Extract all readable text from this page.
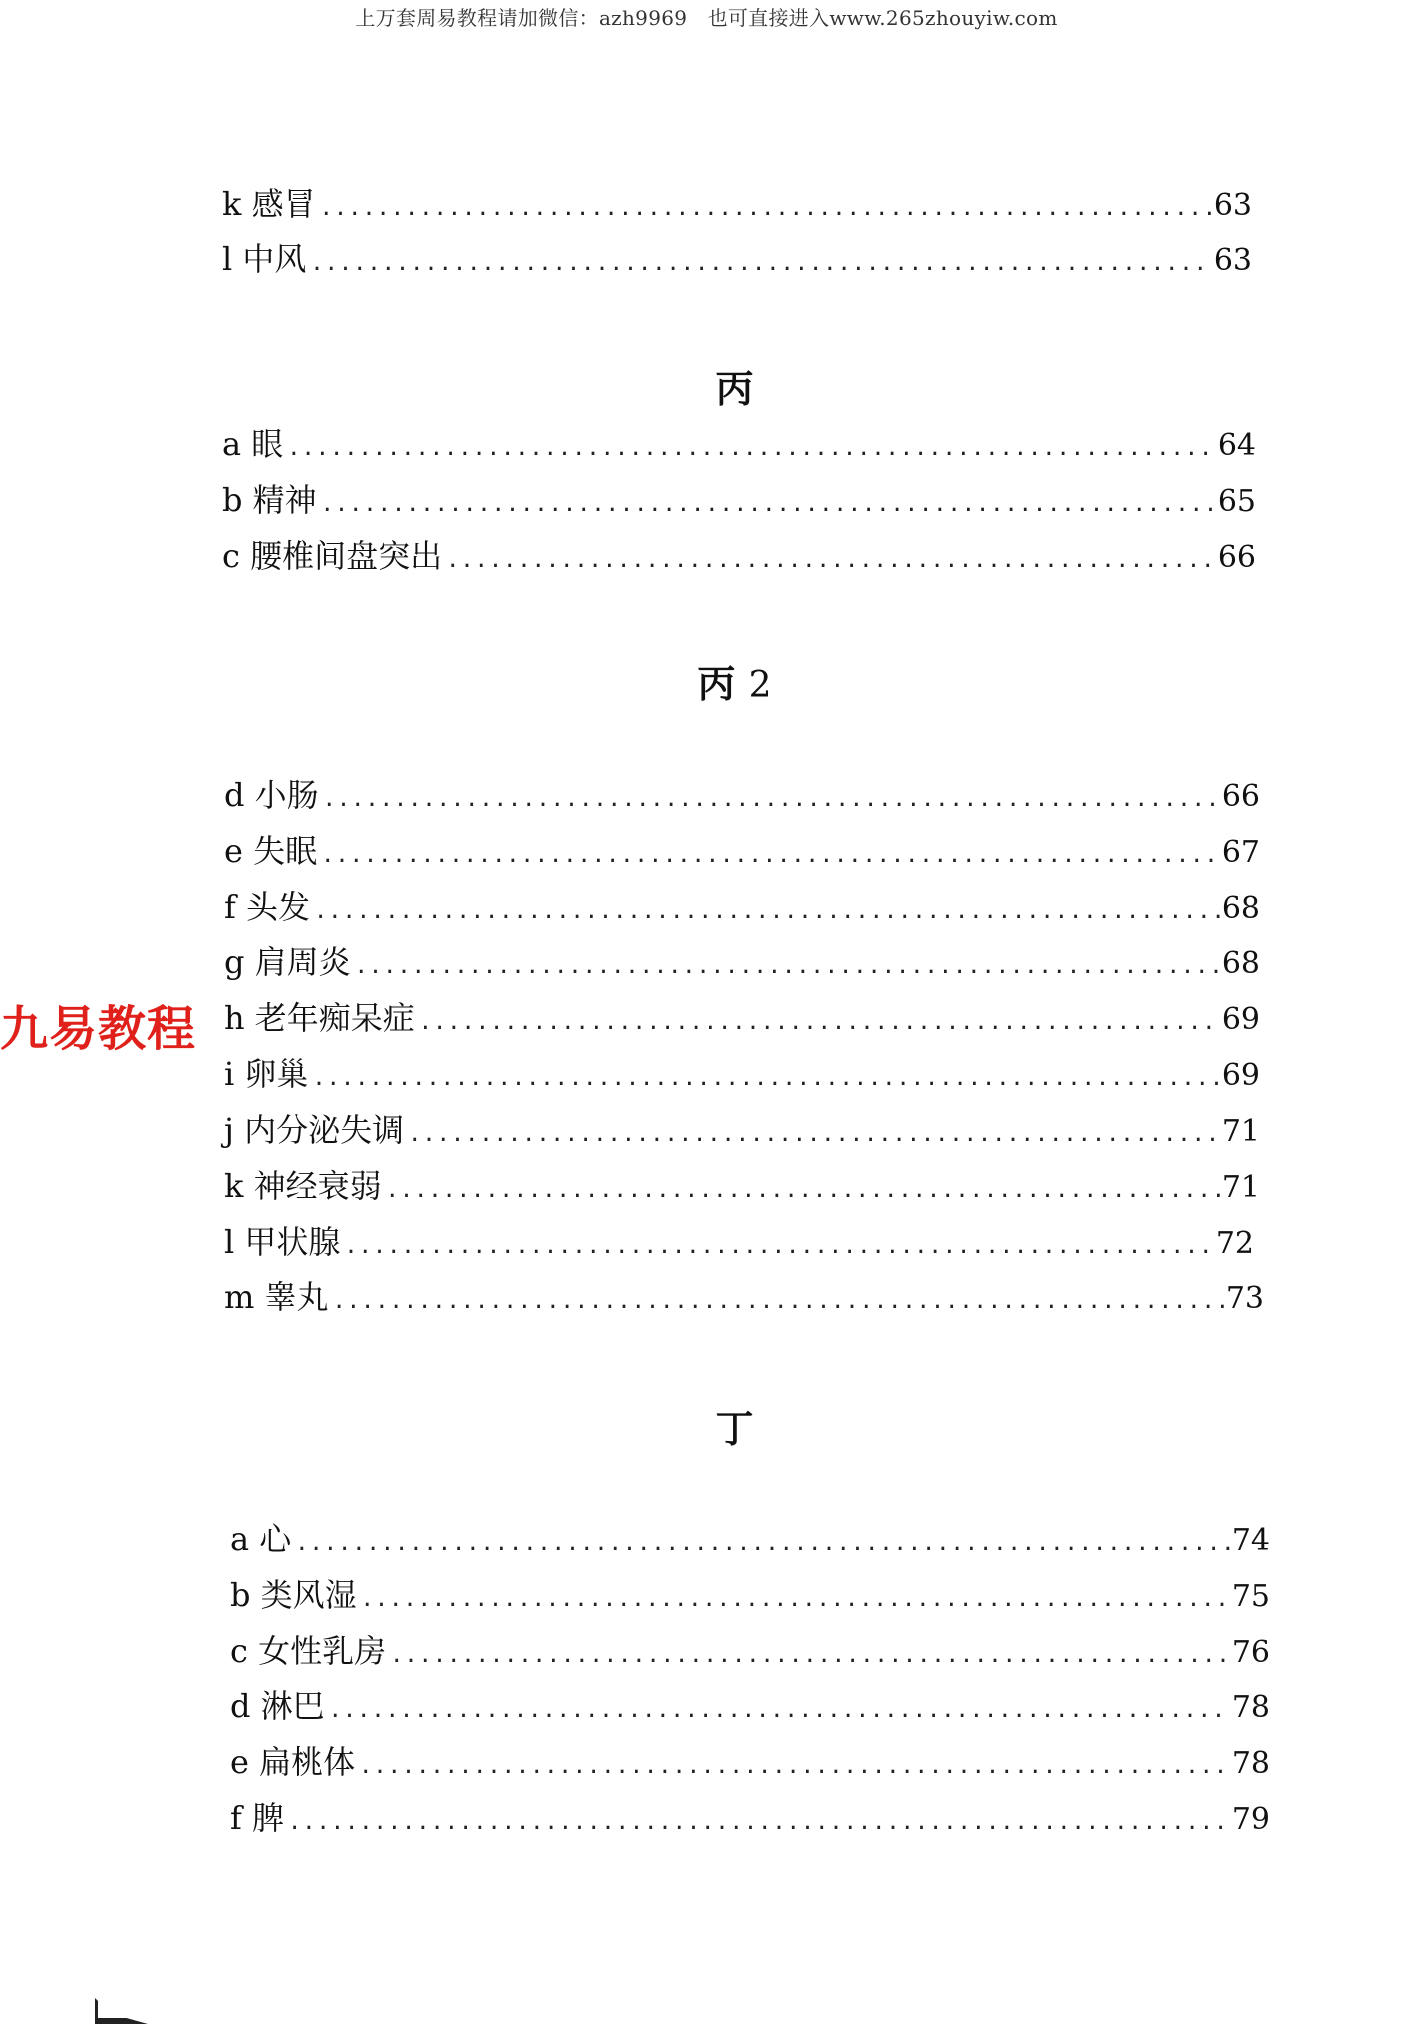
上万套周易教程请加微信：azh9969　也可直接进入www.265zhouyiw.com
九易教程
k 感冒 .....	63
l 中风 .....	63
丙
a 眼 .....	64
b 精神 .....	65
c 腰椎间盘突出 .....	66
丙 2
d 小肠 .....	66
e 失眠 .....	67
f 头发 .....	68
g 肩周炎 .....	68
h 老年痴呆症 .....	69
i 卵巢 .....	69
j 内分泌失调 .....	71
k 神经衰弱 .....	71
l 甲状腺 .....	72
m 睾丸 .....	73
丁
a 心 .....	74
b 类风湿 .....	75
c 女性乳房 .....	76
d 淋巴 .....	78
e 扁桃体 .....	78
f 脾 .....	79
